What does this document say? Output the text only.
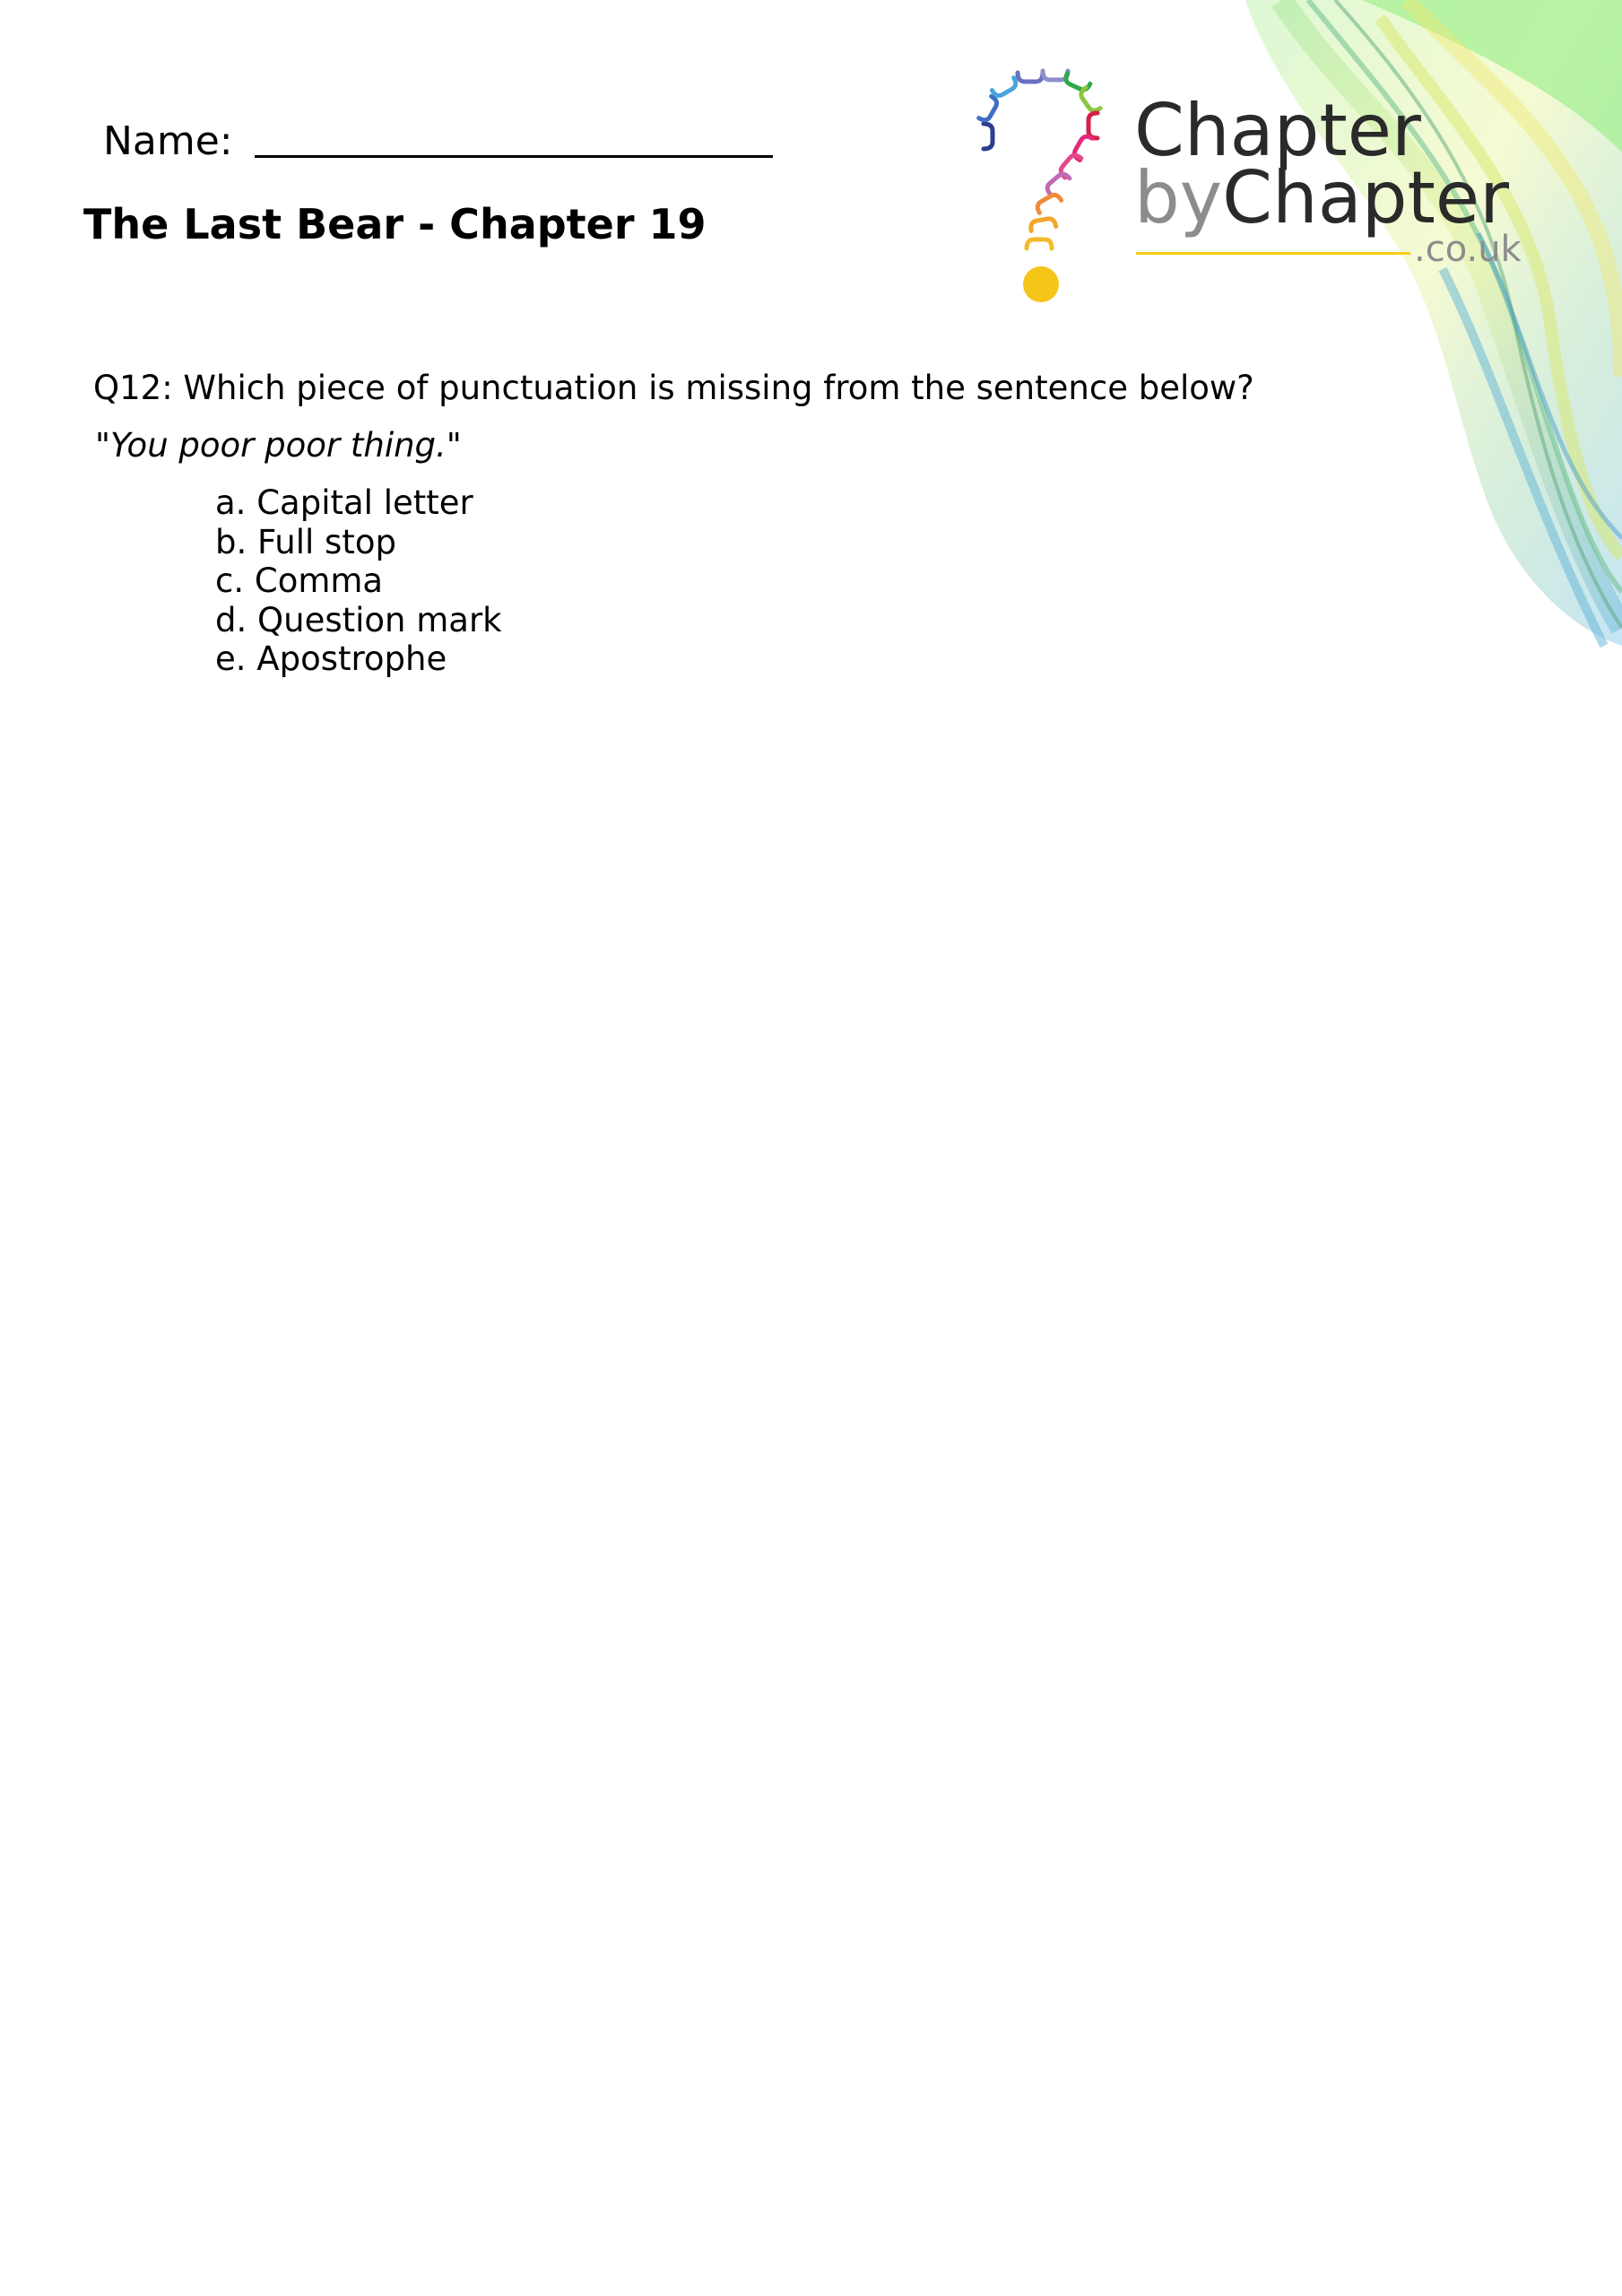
Name:
The Last Bear - Chapter 19
Chapter
byChapter
.co.uk

Q12: Which piece of punctuation is missing from the sentence below?

"You poor poor thing."

a. Capital letter
b. Full stop
c. Comma
d. Question mark
e. Apostrophe
